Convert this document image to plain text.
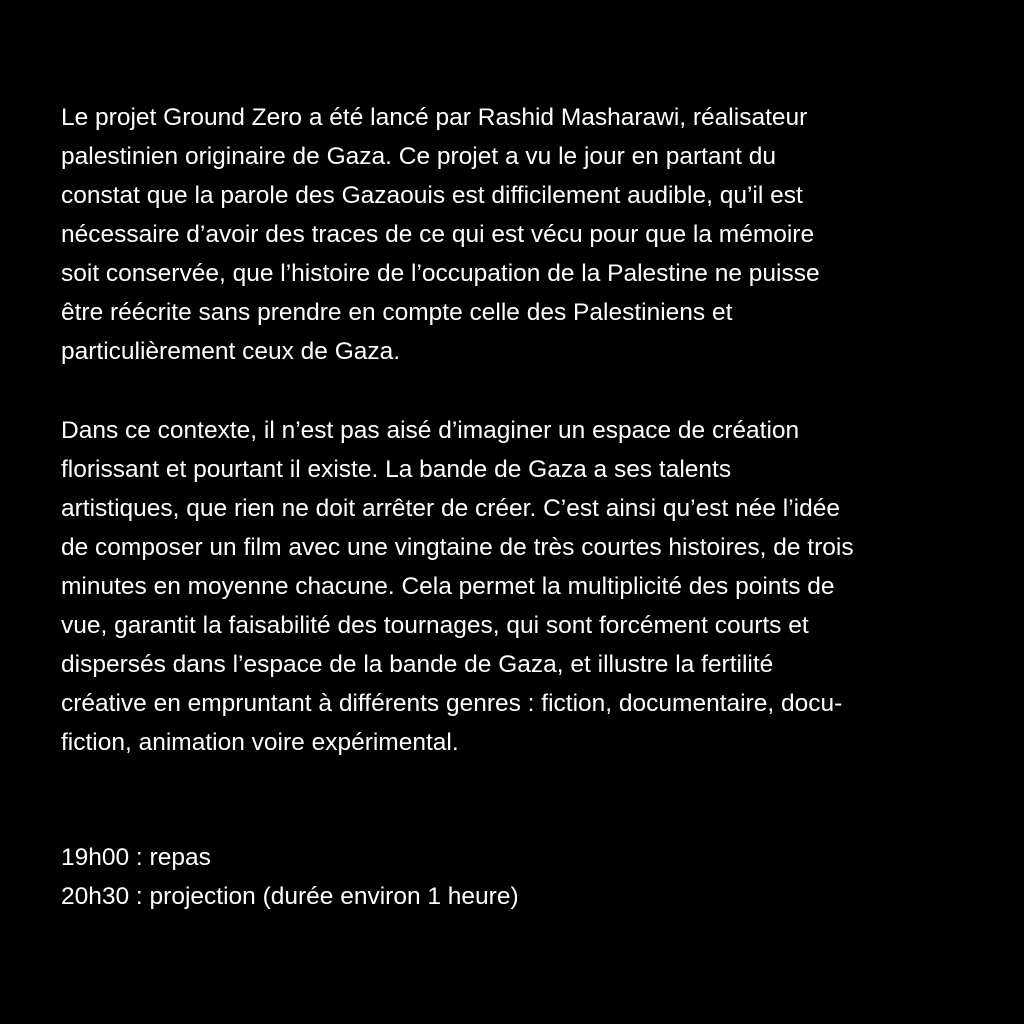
Le projet Ground Zero a été lancé par Rashid Masharawi, réalisateur
palestinien originaire de Gaza. Ce projet a vu le jour en partant du
constat que la parole des Gazaouis est difficilement audible, qu’il est
nécessaire d’avoir des traces de ce qui est vécu pour que la mémoire
soit conservée, que l’histoire de l’occupation de la Palestine ne puisse
être réécrite sans prendre en compte celle des Palestiniens et
particulièrement ceux de Gaza.

Dans ce contexte, il n’est pas aisé d’imaginer un espace de création
florissant et pourtant il existe. La bande de Gaza a ses talents
artistiques, que rien ne doit arrêter de créer. C’est ainsi qu’est née l’idée
de composer un film avec une vingtaine de très courtes histoires, de trois
minutes en moyenne chacune. Cela permet la multiplicité des points de
vue, garantit la faisabilité des tournages, qui sont forcément courts et
dispersés dans l’espace de la bande de Gaza, et illustre la fertilité
créative en empruntant à différents genres : fiction, documentaire, docu-
fiction, animation voire expérimental.

19h00 : repas
20h30 : projection (durée environ 1 heure)
